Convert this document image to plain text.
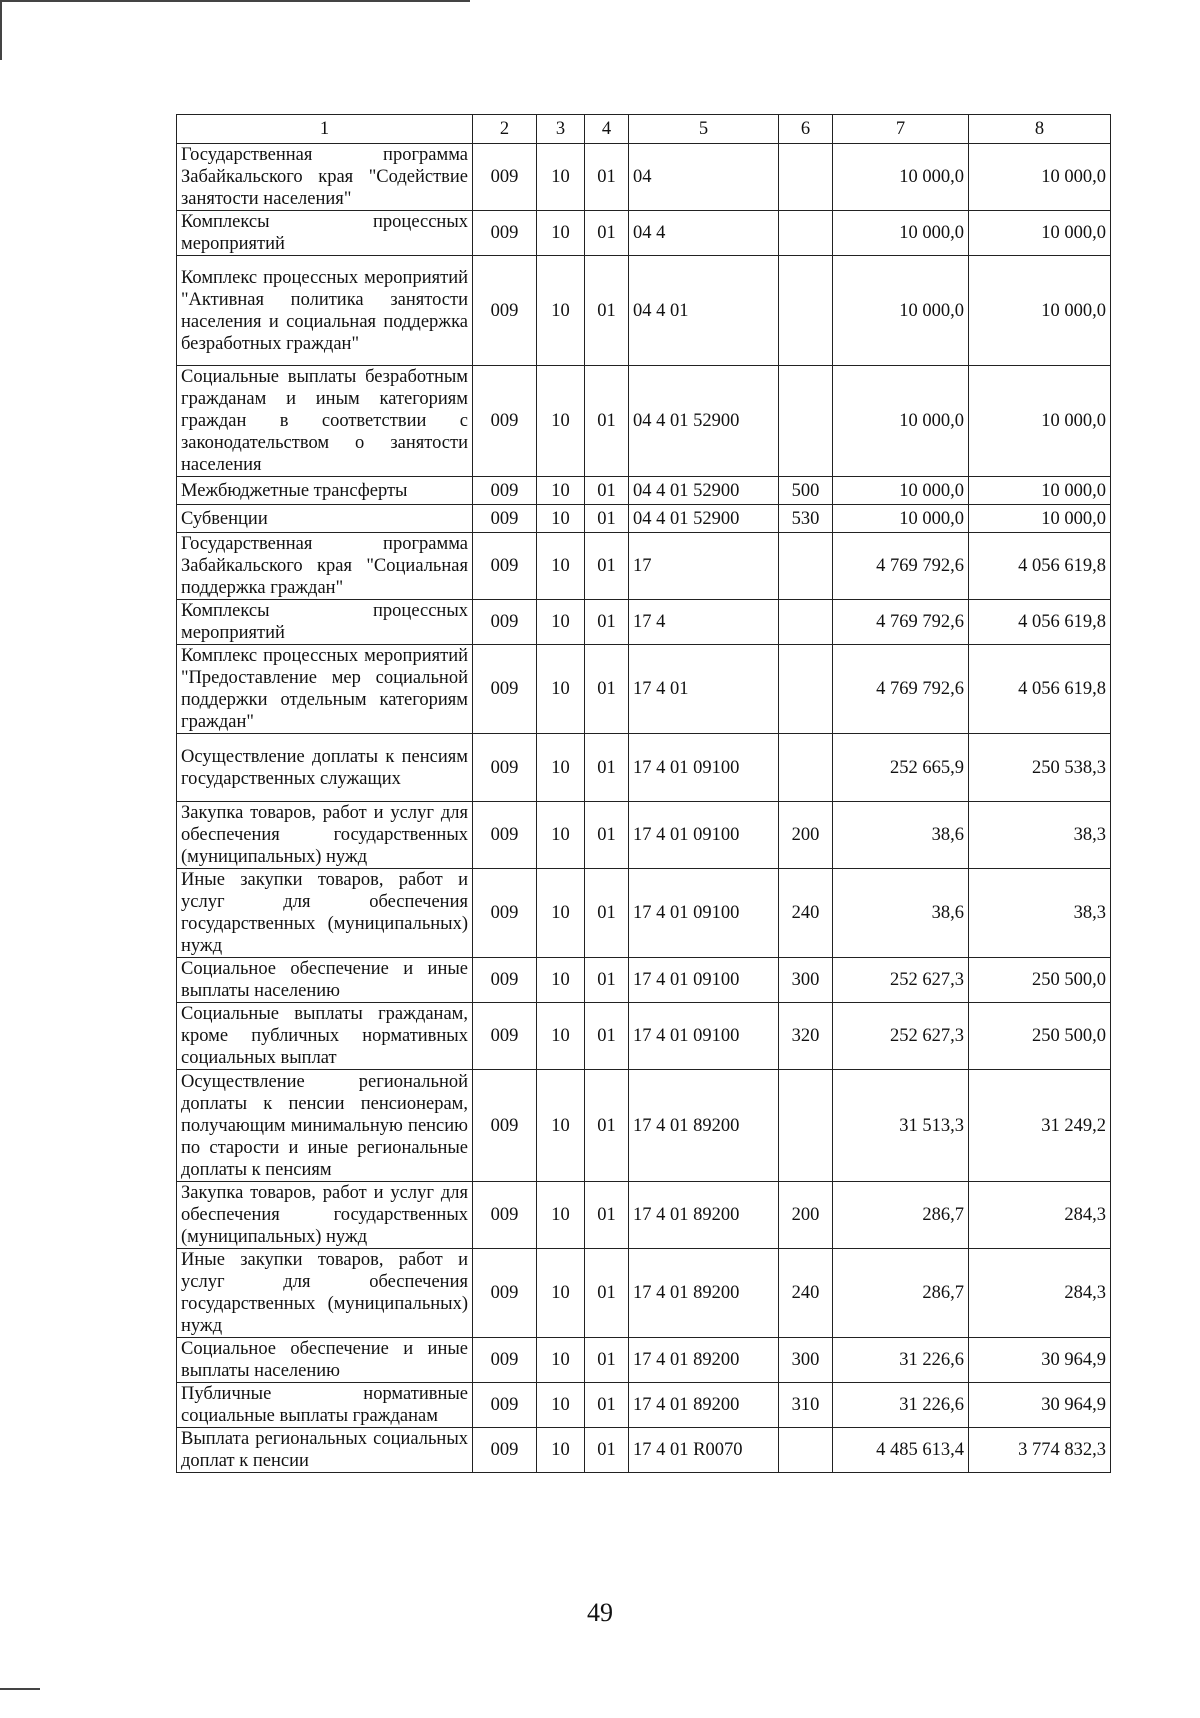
1	2	3	4	5	6	7	8
Государственная программа Забайкальского края "Содействие занятости населения"	009	10	01	04		10 000,0	10 000,0
Комплексы процессных мероприятий	009	10	01	04 4		10 000,0	10 000,0
Комплекс процессных мероприятий "Активная политика занятости населения и социальная поддержка безработных граждан"	009	10	01	04 4 01		10 000,0	10 000,0
Социальные выплаты безработным гражданам и иным категориям граждан в соответствии с законодательством о занятости населения	009	10	01	04 4 01 52900		10 000,0	10 000,0
Межбюджетные трансферты	009	10	01	04 4 01 52900	500	10 000,0	10 000,0
Субвенции	009	10	01	04 4 01 52900	530	10 000,0	10 000,0
Государственная программа Забайкальского края "Социальная поддержка граждан"	009	10	01	17		4 769 792,6	4 056 619,8
Комплексы процессных мероприятий	009	10	01	17 4		4 769 792,6	4 056 619,8
Комплекс процессных мероприятий "Предоставление мер социальной поддержки отдельным категориям граждан"	009	10	01	17 4 01		4 769 792,6	4 056 619,8
Осуществление доплаты к пенсиям государственных служащих	009	10	01	17 4 01 09100		252 665,9	250 538,3
Закупка товаров, работ и услуг для обеспечения государственных (муниципальных) нужд	009	10	01	17 4 01 09100	200	38,6	38,3
Иные закупки товаров, работ и услуг для обеспечения государственных (муниципальных) нужд	009	10	01	17 4 01 09100	240	38,6	38,3
Социальное обеспечение и иные выплаты населению	009	10	01	17 4 01 09100	300	252 627,3	250 500,0
Социальные выплаты гражданам, кроме публичных нормативных социальных выплат	009	10	01	17 4 01 09100	320	252 627,3	250 500,0
Осуществление региональной доплаты к пенсии пенсионерам, получающим минимальную пенсию по старости и иные региональные доплаты к пенсиям	009	10	01	17 4 01 89200		31 513,3	31 249,2
Закупка товаров, работ и услуг для обеспечения государственных (муниципальных) нужд	009	10	01	17 4 01 89200	200	286,7	284,3
Иные закупки товаров, работ и услуг для обеспечения государственных (муниципальных) нужд	009	10	01	17 4 01 89200	240	286,7	284,3
Социальное обеспечение и иные выплаты населению	009	10	01	17 4 01 89200	300	31 226,6	30 964,9
Публичные нормативные социальные выплаты гражданам	009	10	01	17 4 01 89200	310	31 226,6	30 964,9
Выплата региональных социальных доплат к пенсии	009	10	01	17 4 01 R0070		4 485 613,4	3 774 832,3
49
